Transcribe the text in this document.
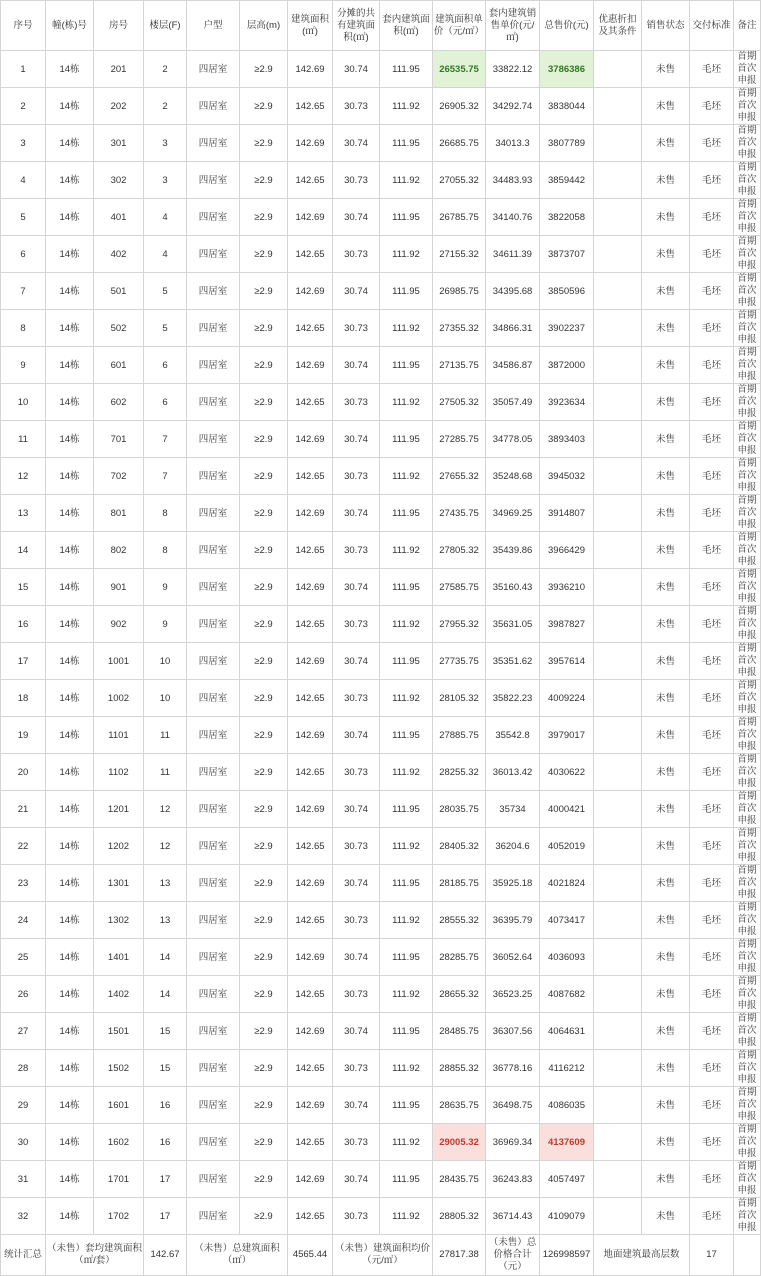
序号	幢(栋)号	房号	楼层(F)	户型	层高(m)	建筑面积(㎡)	分摊的共有建筑面积(㎡)	套内建筑面积(㎡)	建筑面积单价（元/㎡）	套内建筑销售单价(元/㎡)	总售价(元)	优惠折扣及其条件	销售状态	交付标准	备注
1	14栋	201	2	四居室	≥2.9	142.69	30.74	111.95	26535.75	33822.12	3786386		未售	毛坯	首期首次申报
2	14栋	202	2	四居室	≥2.9	142.65	30.73	111.92	26905.32	34292.74	3838044		未售	毛坯	首期首次申报
3	14栋	301	3	四居室	≥2.9	142.69	30.74	111.95	26685.75	34013.3	3807789		未售	毛坯	首期首次申报
4	14栋	302	3	四居室	≥2.9	142.65	30.73	111.92	27055.32	34483.93	3859442		未售	毛坯	首期首次申报
5	14栋	401	4	四居室	≥2.9	142.69	30.74	111.95	26785.75	34140.76	3822058		未售	毛坯	首期首次申报
6	14栋	402	4	四居室	≥2.9	142.65	30.73	111.92	27155.32	34611.39	3873707		未售	毛坯	首期首次申报
7	14栋	501	5	四居室	≥2.9	142.69	30.74	111.95	26985.75	34395.68	3850596		未售	毛坯	首期首次申报
8	14栋	502	5	四居室	≥2.9	142.65	30.73	111.92	27355.32	34866.31	3902237		未售	毛坯	首期首次申报
9	14栋	601	6	四居室	≥2.9	142.69	30.74	111.95	27135.75	34586.87	3872000		未售	毛坯	首期首次申报
10	14栋	602	6	四居室	≥2.9	142.65	30.73	111.92	27505.32	35057.49	3923634		未售	毛坯	首期首次申报
11	14栋	701	7	四居室	≥2.9	142.69	30.74	111.95	27285.75	34778.05	3893403		未售	毛坯	首期首次申报
12	14栋	702	7	四居室	≥2.9	142.65	30.73	111.92	27655.32	35248.68	3945032		未售	毛坯	首期首次申报
13	14栋	801	8	四居室	≥2.9	142.69	30.74	111.95	27435.75	34969.25	3914807		未售	毛坯	首期首次申报
14	14栋	802	8	四居室	≥2.9	142.65	30.73	111.92	27805.32	35439.86	3966429		未售	毛坯	首期首次申报
15	14栋	901	9	四居室	≥2.9	142.69	30.74	111.95	27585.75	35160.43	3936210		未售	毛坯	首期首次申报
16	14栋	902	9	四居室	≥2.9	142.65	30.73	111.92	27955.32	35631.05	3987827		未售	毛坯	首期首次申报
17	14栋	1001	10	四居室	≥2.9	142.69	30.74	111.95	27735.75	35351.62	3957614		未售	毛坯	首期首次申报
18	14栋	1002	10	四居室	≥2.9	142.65	30.73	111.92	28105.32	35822.23	4009224		未售	毛坯	首期首次申报
19	14栋	1101	11	四居室	≥2.9	142.69	30.74	111.95	27885.75	35542.8	3979017		未售	毛坯	首期首次申报
20	14栋	1102	11	四居室	≥2.9	142.65	30.73	111.92	28255.32	36013.42	4030622		未售	毛坯	首期首次申报
21	14栋	1201	12	四居室	≥2.9	142.69	30.74	111.95	28035.75	35734	4000421		未售	毛坯	首期首次申报
22	14栋	1202	12	四居室	≥2.9	142.65	30.73	111.92	28405.32	36204.6	4052019		未售	毛坯	首期首次申报
23	14栋	1301	13	四居室	≥2.9	142.69	30.74	111.95	28185.75	35925.18	4021824		未售	毛坯	首期首次申报
24	14栋	1302	13	四居室	≥2.9	142.65	30.73	111.92	28555.32	36395.79	4073417		未售	毛坯	首期首次申报
25	14栋	1401	14	四居室	≥2.9	142.69	30.74	111.95	28285.75	36052.64	4036093		未售	毛坯	首期首次申报
26	14栋	1402	14	四居室	≥2.9	142.65	30.73	111.92	28655.32	36523.25	4087682		未售	毛坯	首期首次申报
27	14栋	1501	15	四居室	≥2.9	142.69	30.74	111.95	28485.75	36307.56	4064631		未售	毛坯	首期首次申报
28	14栋	1502	15	四居室	≥2.9	142.65	30.73	111.92	28855.32	36778.16	4116212		未售	毛坯	首期首次申报
29	14栋	1601	16	四居室	≥2.9	142.69	30.74	111.95	28635.75	36498.75	4086035		未售	毛坯	首期首次申报
30	14栋	1602	16	四居室	≥2.9	142.65	30.73	111.92	29005.32	36969.34	4137609		未售	毛坯	首期首次申报
31	14栋	1701	17	四居室	≥2.9	142.69	30.74	111.95	28435.75	36243.83	4057497		未售	毛坯	首期首次申报
32	14栋	1702	17	四居室	≥2.9	142.65	30.73	111.92	28805.32	36714.43	4109079		未售	毛坯	首期首次申报
统计汇总	（未售）套均建筑面积（㎡/套）		142.67	（未售）总建筑面积（㎡）		4565.44	（未售）建筑面积均价（元/㎡）		27817.38	（未售）总价格合计（元）	126998597	地面建筑最高层数		17	
